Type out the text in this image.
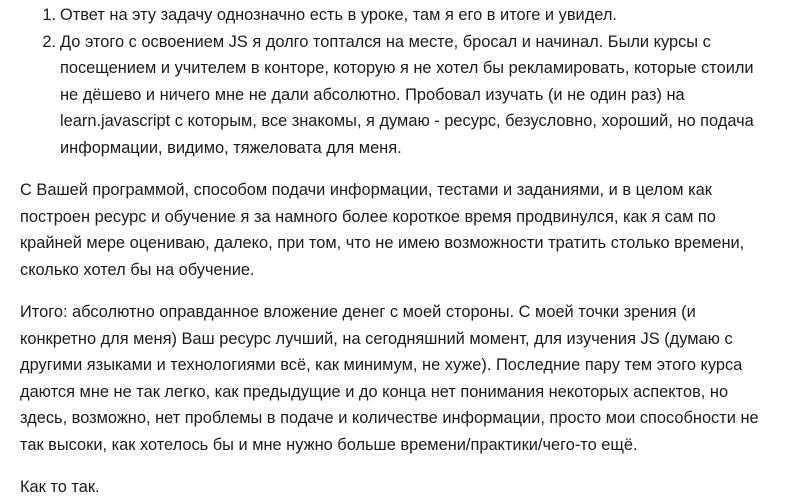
1. Ответ на эту задачу однозначно есть в уроке, там я его в итоге и увидел.
2. До этого с освоением JS я долго топтался на месте, бросал и начинал. Были курсы с посещением и учителем в конторе, которую я не хотел бы рекламировать, которые стоили не дёшево и ничего мне не дали абсолютно. Пробовал изучать (и не один раз) на learn.javascript с которым, все знакомы, я думаю - ресурс, безусловно, хороший, но подача информации, видимо, тяжеловата для меня.

С Вашей программой, способом подачи информации, тестами и заданиями, и в целом как построен ресурс и обучение я за намного более короткое время продвинулся, как я сам по крайней мере оцениваю, далеко, при том, что не имею возможности тратить столько времени, сколько хотел бы на обучение.

Итого: абсолютно оправданное вложение денег с моей стороны. С моей точки зрения (и конкретно для меня) Ваш ресурс лучший, на сегодняшний момент, для изучения JS (думаю с другими языками и технологиями всё, как минимум, не хуже). Последние пару тем этого курса даются мне не так легко, как предыдущие и до конца нет понимания некоторых аспектов, но здесь, возможно, нет проблемы в подаче и количестве информации, просто мои способности не так высоки, как хотелось бы и мне нужно больше времени/практики/чего-то ещё.

Как то так.
